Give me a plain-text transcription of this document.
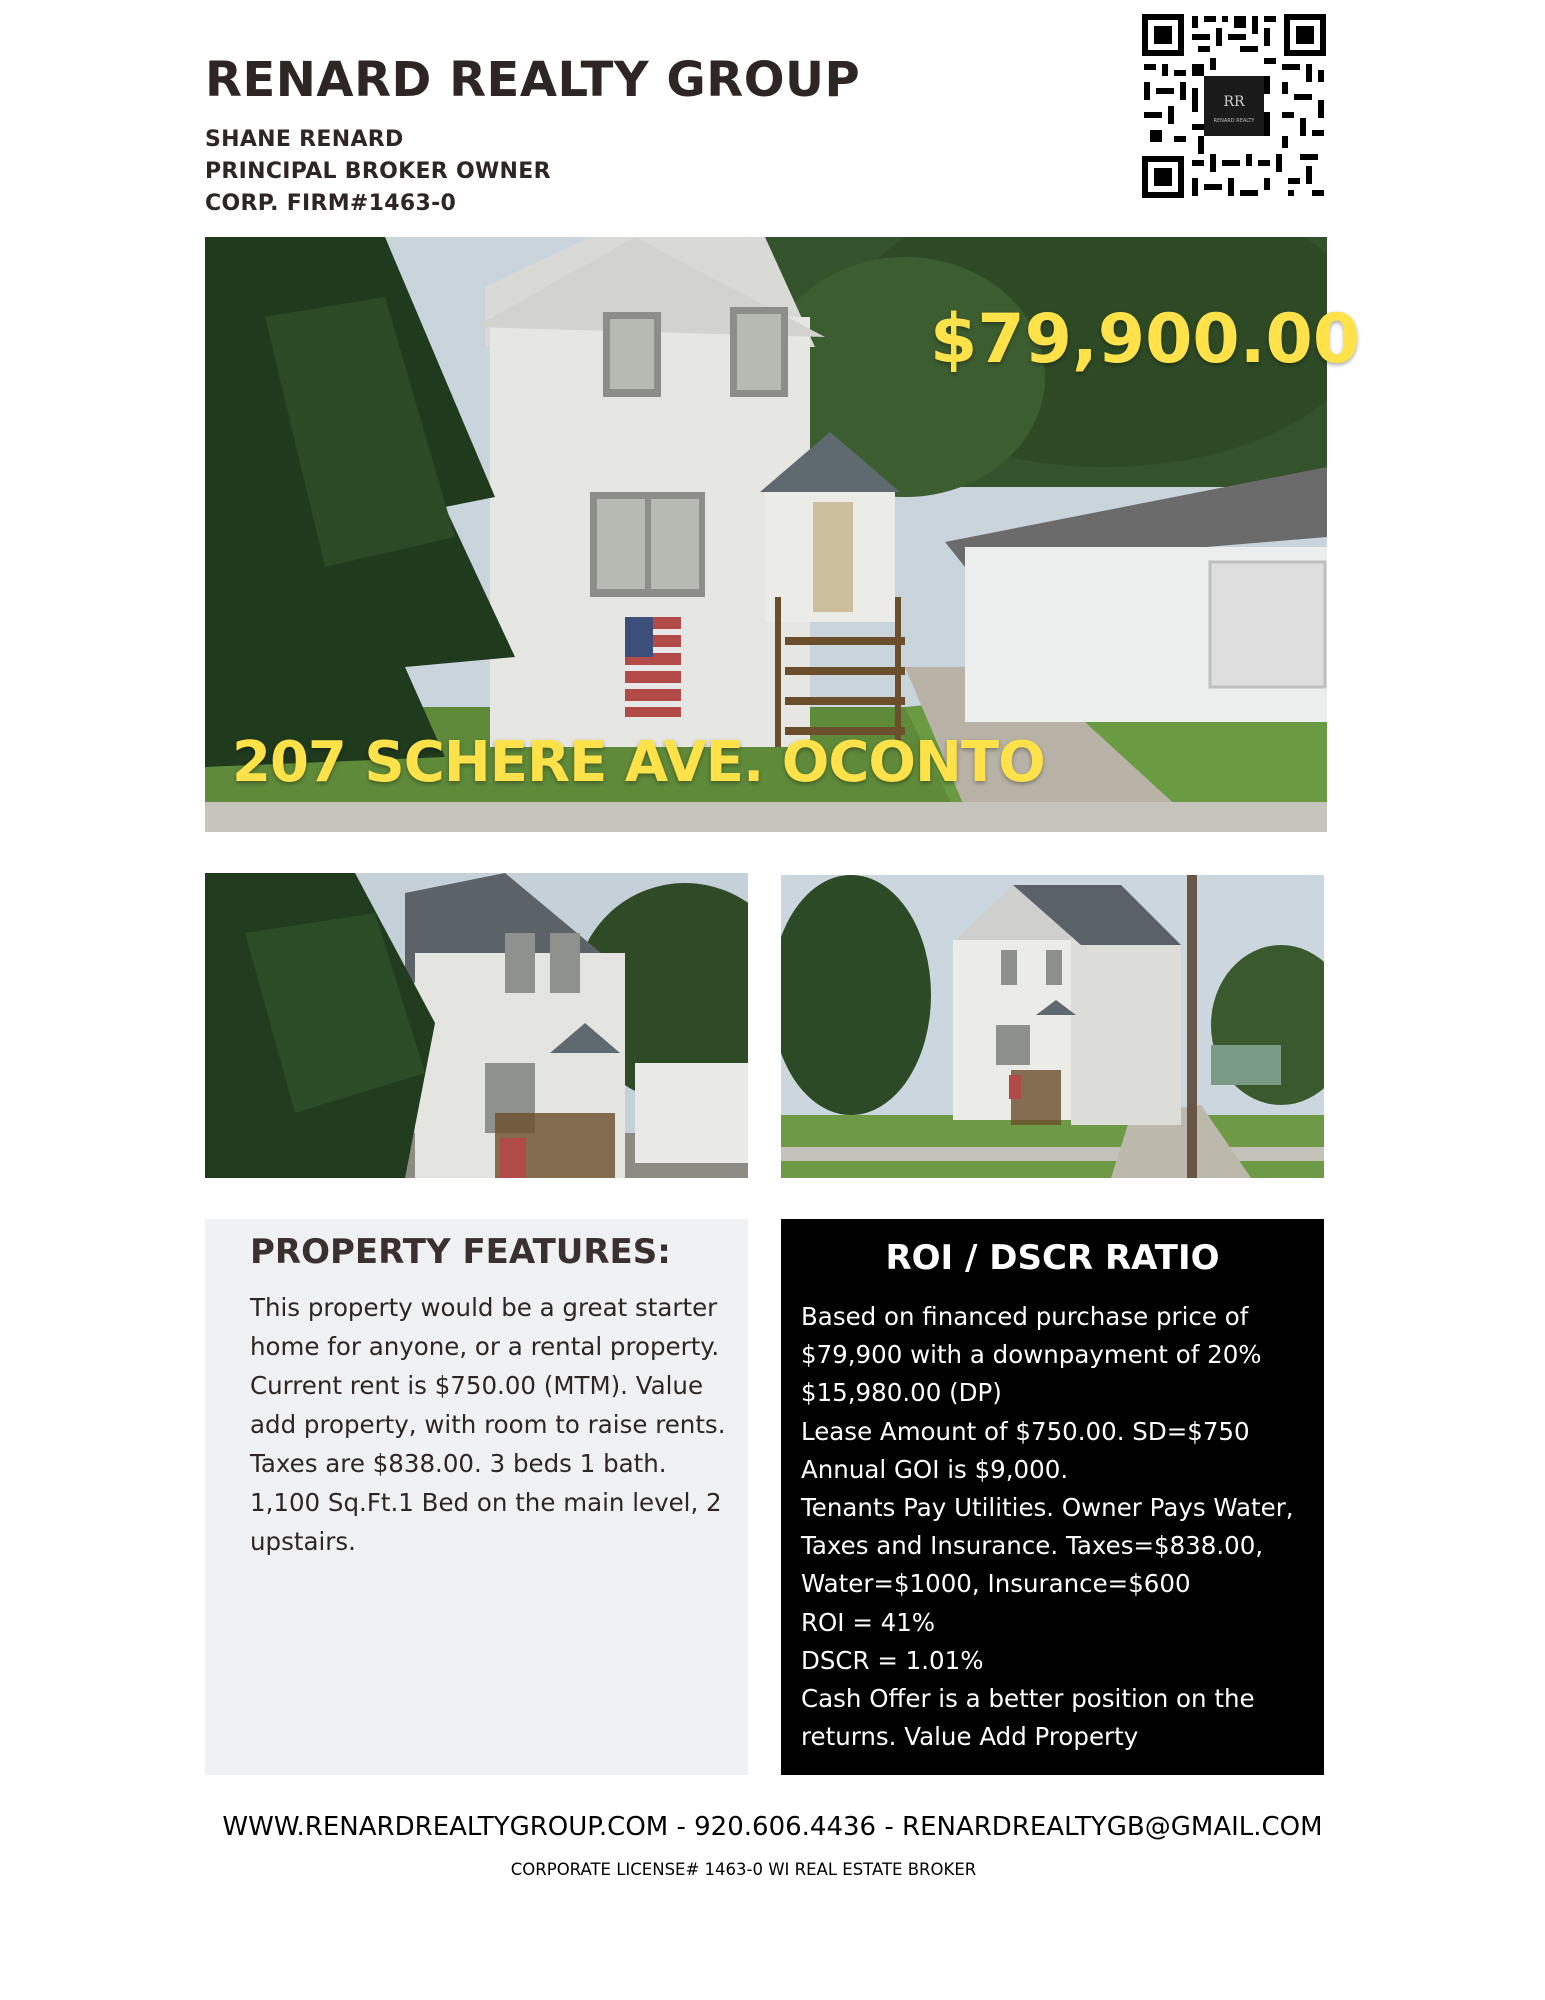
RENARD REALTY GROUP
SHANE RENARD
PRINCIPAL BROKER OWNER
CORP. FIRM#1463-0
RR
RENARD REALTY
$79,900.00
207 SCHERE AVE. OCONTO
PROPERTY FEATURES:
This property would be a great starter home for anyone, or a rental property. Current rent is $750.00 (MTM). Value add property, with room to raise rents. Taxes are $838.00. 3 beds 1 bath. 1,100 Sq.Ft.1 Bed on the main level, 2 upstairs.
ROI / DSCR RATIO
Based on financed purchase price of
$79,900 with a downpayment of 20%
$15,980.00 (DP)
Lease Amount of $750.00. SD=$750
Annual GOI is $9,000.
Tenants Pay Utilities. Owner Pays Water,
Taxes and Insurance. Taxes=$838.00,
Water=$1000, Insurance=$600
ROI = 41%
DSCR = 1.01%
Cash Offer is a better position on the
returns. Value Add Property
WWW.RENARDREALTYGROUP.COM - 920.606.4436 - RENARDREALTYGB@GMAIL.COM
CORPORATE LICENSE# 1463-0 WI REAL ESTATE BROKER
